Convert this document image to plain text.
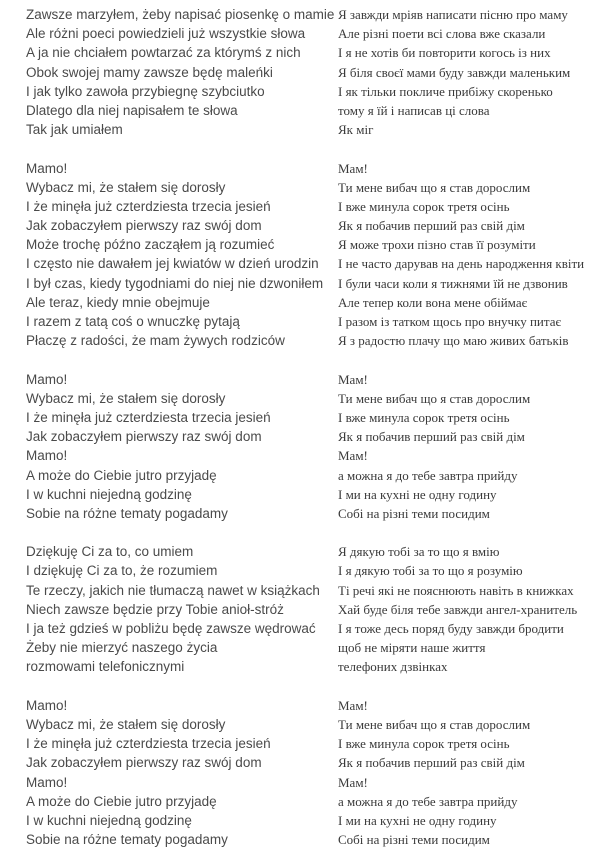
Zawsze marzyłem, żeby napisać piosenkę o mamie
Ale różni poeci powiedzieli już wszystkie słowa
A ja nie chciałem powtarzać za którymś z nich
Obok swojej mamy zawsze będę maleńki
I jak tylko zawoła przybiegnę szybciutko
Dlatego dla niej napisałem te słowa
Tak jak umiałem
Mamo!
Wybacz mi, że stałem się dorosły
I że minęła już czterdziesta trzecia jesień
Jak zobaczyłem pierwszy raz swój dom
Może trochę późno zacząłem ją rozumieć
I często nie dawałem jej kwiatów w dzień urodzin
I był czas, kiedy tygodniami do niej nie dzwoniłem
Ale teraz, kiedy mnie obejmuje
I razem z tatą coś o wnuczkę pytają
Płaczę z radości, że mam żywych rodziców
Mamo!
Wybacz mi, że stałem się dorosły
I że minęła już czterdziesta trzecia jesień
Jak zobaczyłem pierwszy raz swój dom
Mamo!
A może do Ciebie jutro przyjadę
I w kuchni niejedną godzinę
Sobie na różne tematy pogadamy
Dziękuję Ci za to, co umiem
I dziękuję Ci za to, że rozumiem
Te rzeczy, jakich nie tłumaczą nawet w książkach
Niech zawsze będzie przy Tobie anioł-stróż
I ja też gdzieś w pobliżu będę zawsze wędrować
Żeby nie mierzyć naszego życia
rozmowami telefonicznymi
Mamo!
Wybacz mi, że stałem się dorosły
I że minęła już czterdziesta trzecia jesień
Jak zobaczyłem pierwszy raz swój dom
Mamo!
A może do Ciebie jutro przyjadę
I w kuchni niejedną godzinę
Sobie na różne tematy pogadamy
Я завжди мріяв написати пісню про маму
Але різні поети всі слова вже сказали
І я не хотів би повторити когось із них
Я біля своєї мами буду завжди маленьким
І як тільки покличе прибіжу скоренько
тому я їй і написав ці слова
Як міг
Мам!
Ти мене вибач що я став дорослим
І вже минула сорок третя осінь
Як я побачив перший раз свій дім
Я може трохи пізно став її розуміти
І не часто дарував на день народження квіти
І були часи коли я тижнями їй не дзвонив
Але тепер коли вона мене обіймає
І разом із татком щось про внучку питає
Я з радостю плачу що маю живих батьків
Мам!
Ти мене вибач що я став дорослим
І вже минула сорок третя осінь
Як я побачив перший раз свій дім
Мам!
а можна я до тебе завтра прийду
І ми на кухні не одну годину
Собі на різні теми посидим
Я дякую тобі за то що я вмію
І я дякую тобі за то що я розумію
Ті речі які не пояснюють навіть в книжках
Хай буде біля тебе завжди ангел-хранитель
І я тоже десь поряд буду завжди бродити
щоб не міряти наше життя
телефоних дзвінках
Мам!
Ти мене вибач що я став дорослим
І вже минула сорок третя осінь
Як я побачив перший раз свій дім
Мам!
а можна я до тебе завтра прийду
І ми на кухні не одну годину
Собі на різні теми посидим
